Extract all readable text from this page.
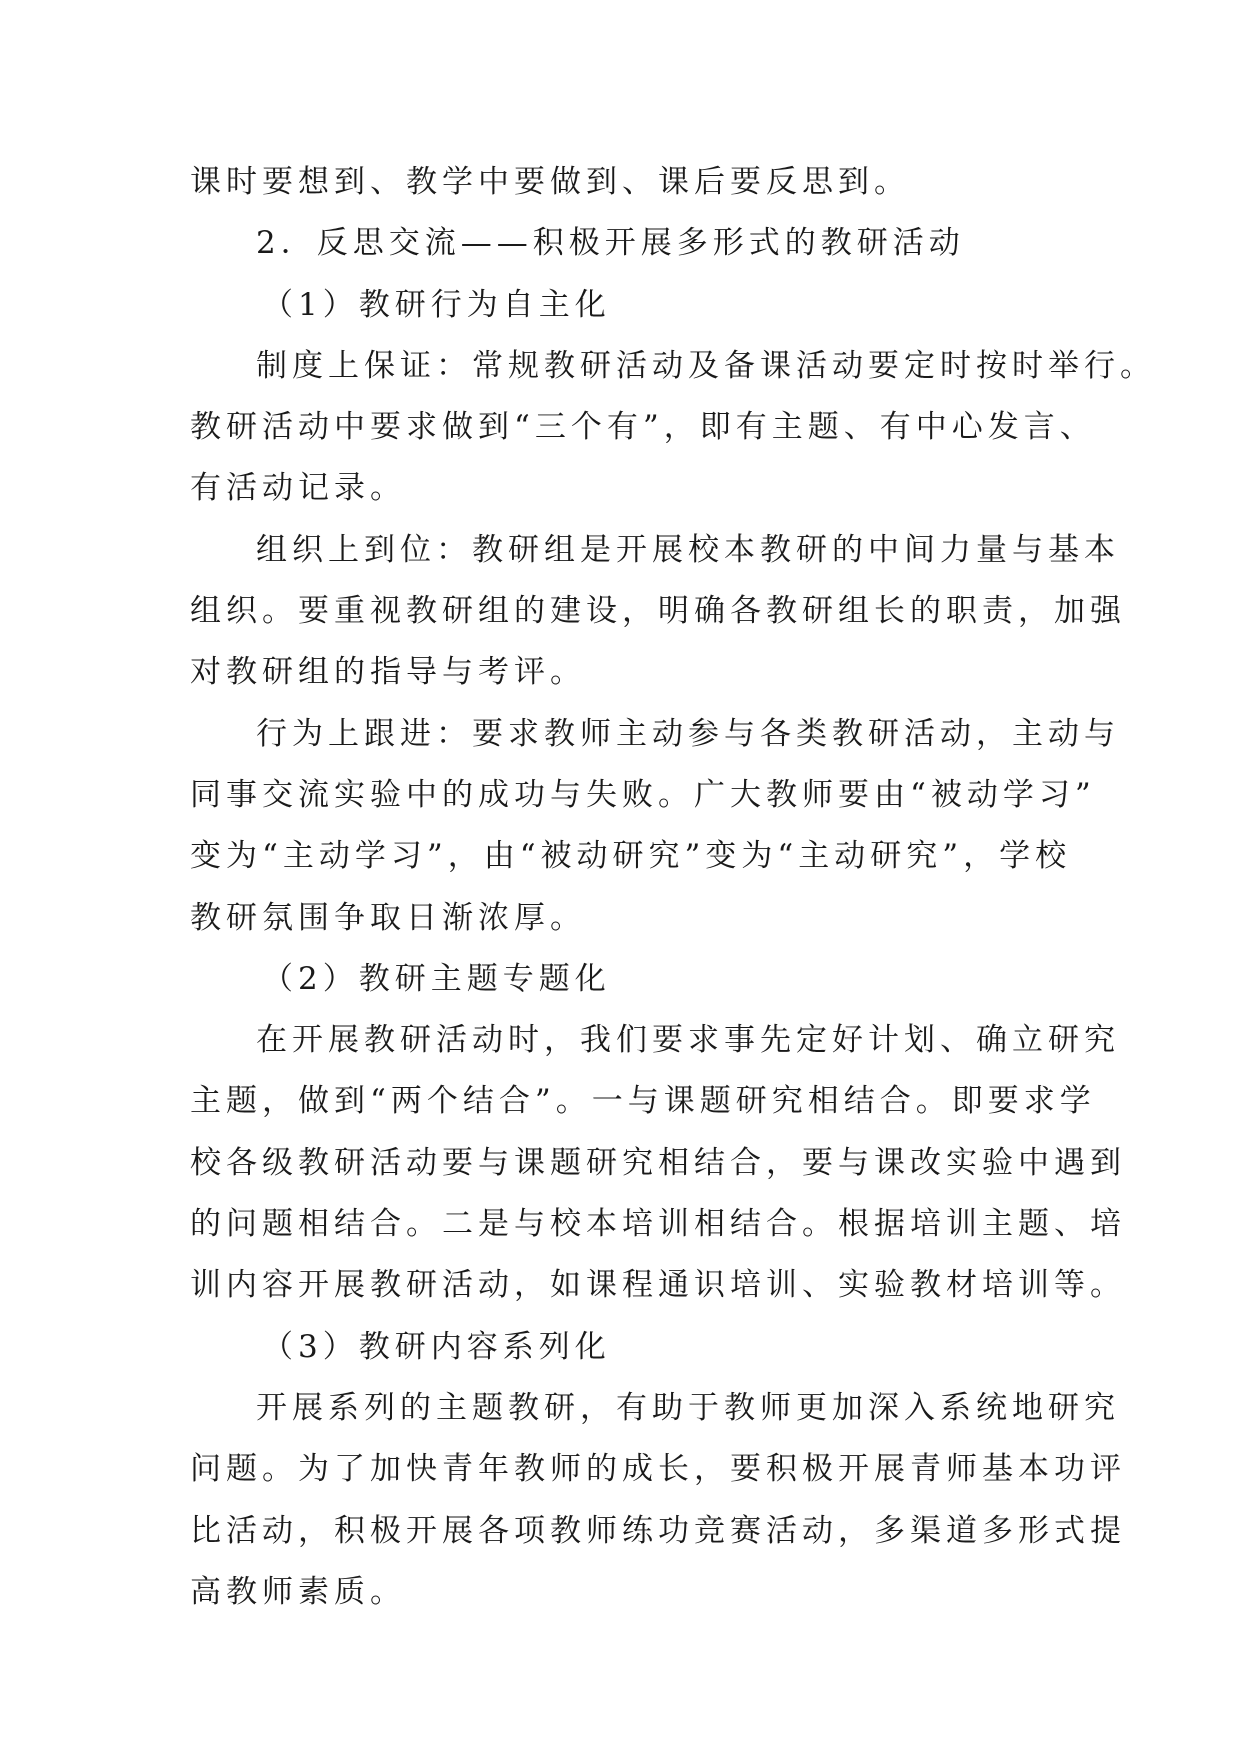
课时要想到、教学中要做到、课后要反思到。
2．反思交流——积极开展多形式的教研活动
（1）教研行为自主化
制度上保证：常规教研活动及备课活动要定时按时举行。
教研活动中要求做到“三个有”，即有主题、有中心发言、
有活动记录。
组织上到位：教研组是开展校本教研的中间力量与基本
组织。要重视教研组的建设，明确各教研组长的职责，加强
对教研组的指导与考评。
行为上跟进：要求教师主动参与各类教研活动，主动与
同事交流实验中的成功与失败。广大教师要由“被动学习”
变为“主动学习”，由“被动研究”变为“主动研究”，学校
教研氛围争取日渐浓厚。
（2）教研主题专题化
在开展教研活动时，我们要求事先定好计划、确立研究
主题，做到“两个结合”。一与课题研究相结合。即要求学
校各级教研活动要与课题研究相结合，要与课改实验中遇到
的问题相结合。二是与校本培训相结合。根据培训主题、培
训内容开展教研活动，如课程通识培训、实验教材培训等。
（3）教研内容系列化
开展系列的主题教研，有助于教师更加深入系统地研究
问题。为了加快青年教师的成长，要积极开展青师基本功评
比活动，积极开展各项教师练功竞赛活动，多渠道多形式提
高教师素质。
